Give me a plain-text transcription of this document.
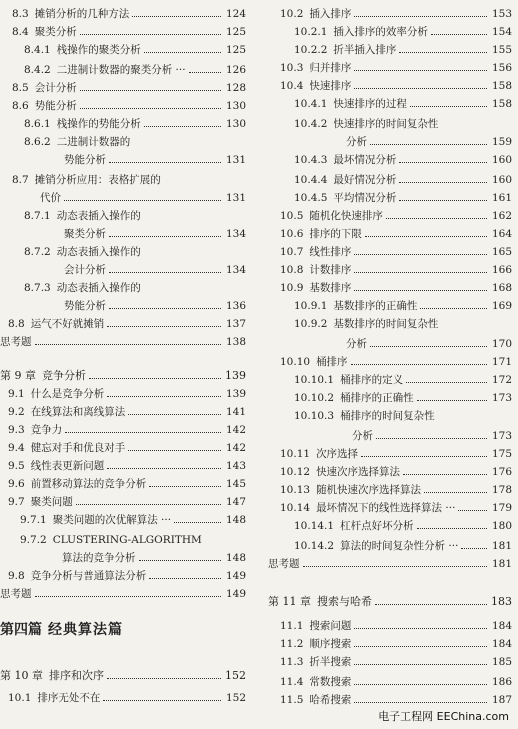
8.3 摊销分析的几种方法	124
8.4 聚类分析	125
8.4.1 栈操作的聚类分析	125
8.4.2 二进制计数器的聚类分析 ···	126
8.5 会计分析	128
8.6 势能分析	130
8.6.1 栈操作的势能分析	130
8.6.2 二进制计数器的
势能分析	131
8.7 摊销分析应用：表格扩展的
代价	131
8.7.1 动态表插入操作的
聚类分析	134
8.7.2 动态表插入操作的
会计分析	134
8.7.3 动态表插入操作的
势能分析	136
8.8 运气不好就摊销	137
思考题	138
第 9 章 竞争分析	139
9.1 什么是竞争分析	139
9.2 在线算法和离线算法	141
9.3 竞争力	142
9.4 健忘对手和优良对手	142
9.5 线性表更新问题	143
9.6 前置移动算法的竞争分析	145
9.7 聚类问题	147
9.7.1 聚类问题的次优解算法 ···	148
9.7.2 CLUSTERING-ALGORITHM
算法的竞争分析	148
9.8 竞争分析与普通算法分析	149
思考题	149
第四篇 经典算法篇
第 10 章 排序和次序	152
10.1 排序无处不在	152
10.2 插入排序	153
10.2.1 插入排序的效率分析	154
10.2.2 折半插入排序	155
10.3 归并排序	156
10.4 快速排序	158
10.4.1 快速排序的过程	158
10.4.2 快速排序的时间复杂性
分析	159
10.4.3 最坏情况分析	160
10.4.4 最好情况分析	160
10.4.5 平均情况分析	161
10.5 随机化快速排序	162
10.6 排序的下限	164
10.7 线性排序	165
10.8 计数排序	166
10.9 基数排序	168
10.9.1 基数排序的正确性	169
10.9.2 基数排序的时间复杂性
分析	170
10.10 桶排序	171
10.10.1 桶排序的定义	172
10.10.2 桶排序的正确性	173
10.10.3 桶排序的时间复杂性
分析	173
10.11 次序选择	175
10.12 快速次序选择算法	176
10.13 随机快速次序选择算法	178
10.14 最坏情况下的线性选择算法 ···	179
10.14.1 杠杆点好坏分析	180
10.14.2 算法的时间复杂性分析 ···	181
思考题	181
第 11 章 搜索与哈希	183
11.1 搜索问题	184
11.2 顺序搜索	184
11.3 折半搜索	185
11.4 常数搜索	186
11.5 哈希搜索	187
电子工程网 EEChina.com
